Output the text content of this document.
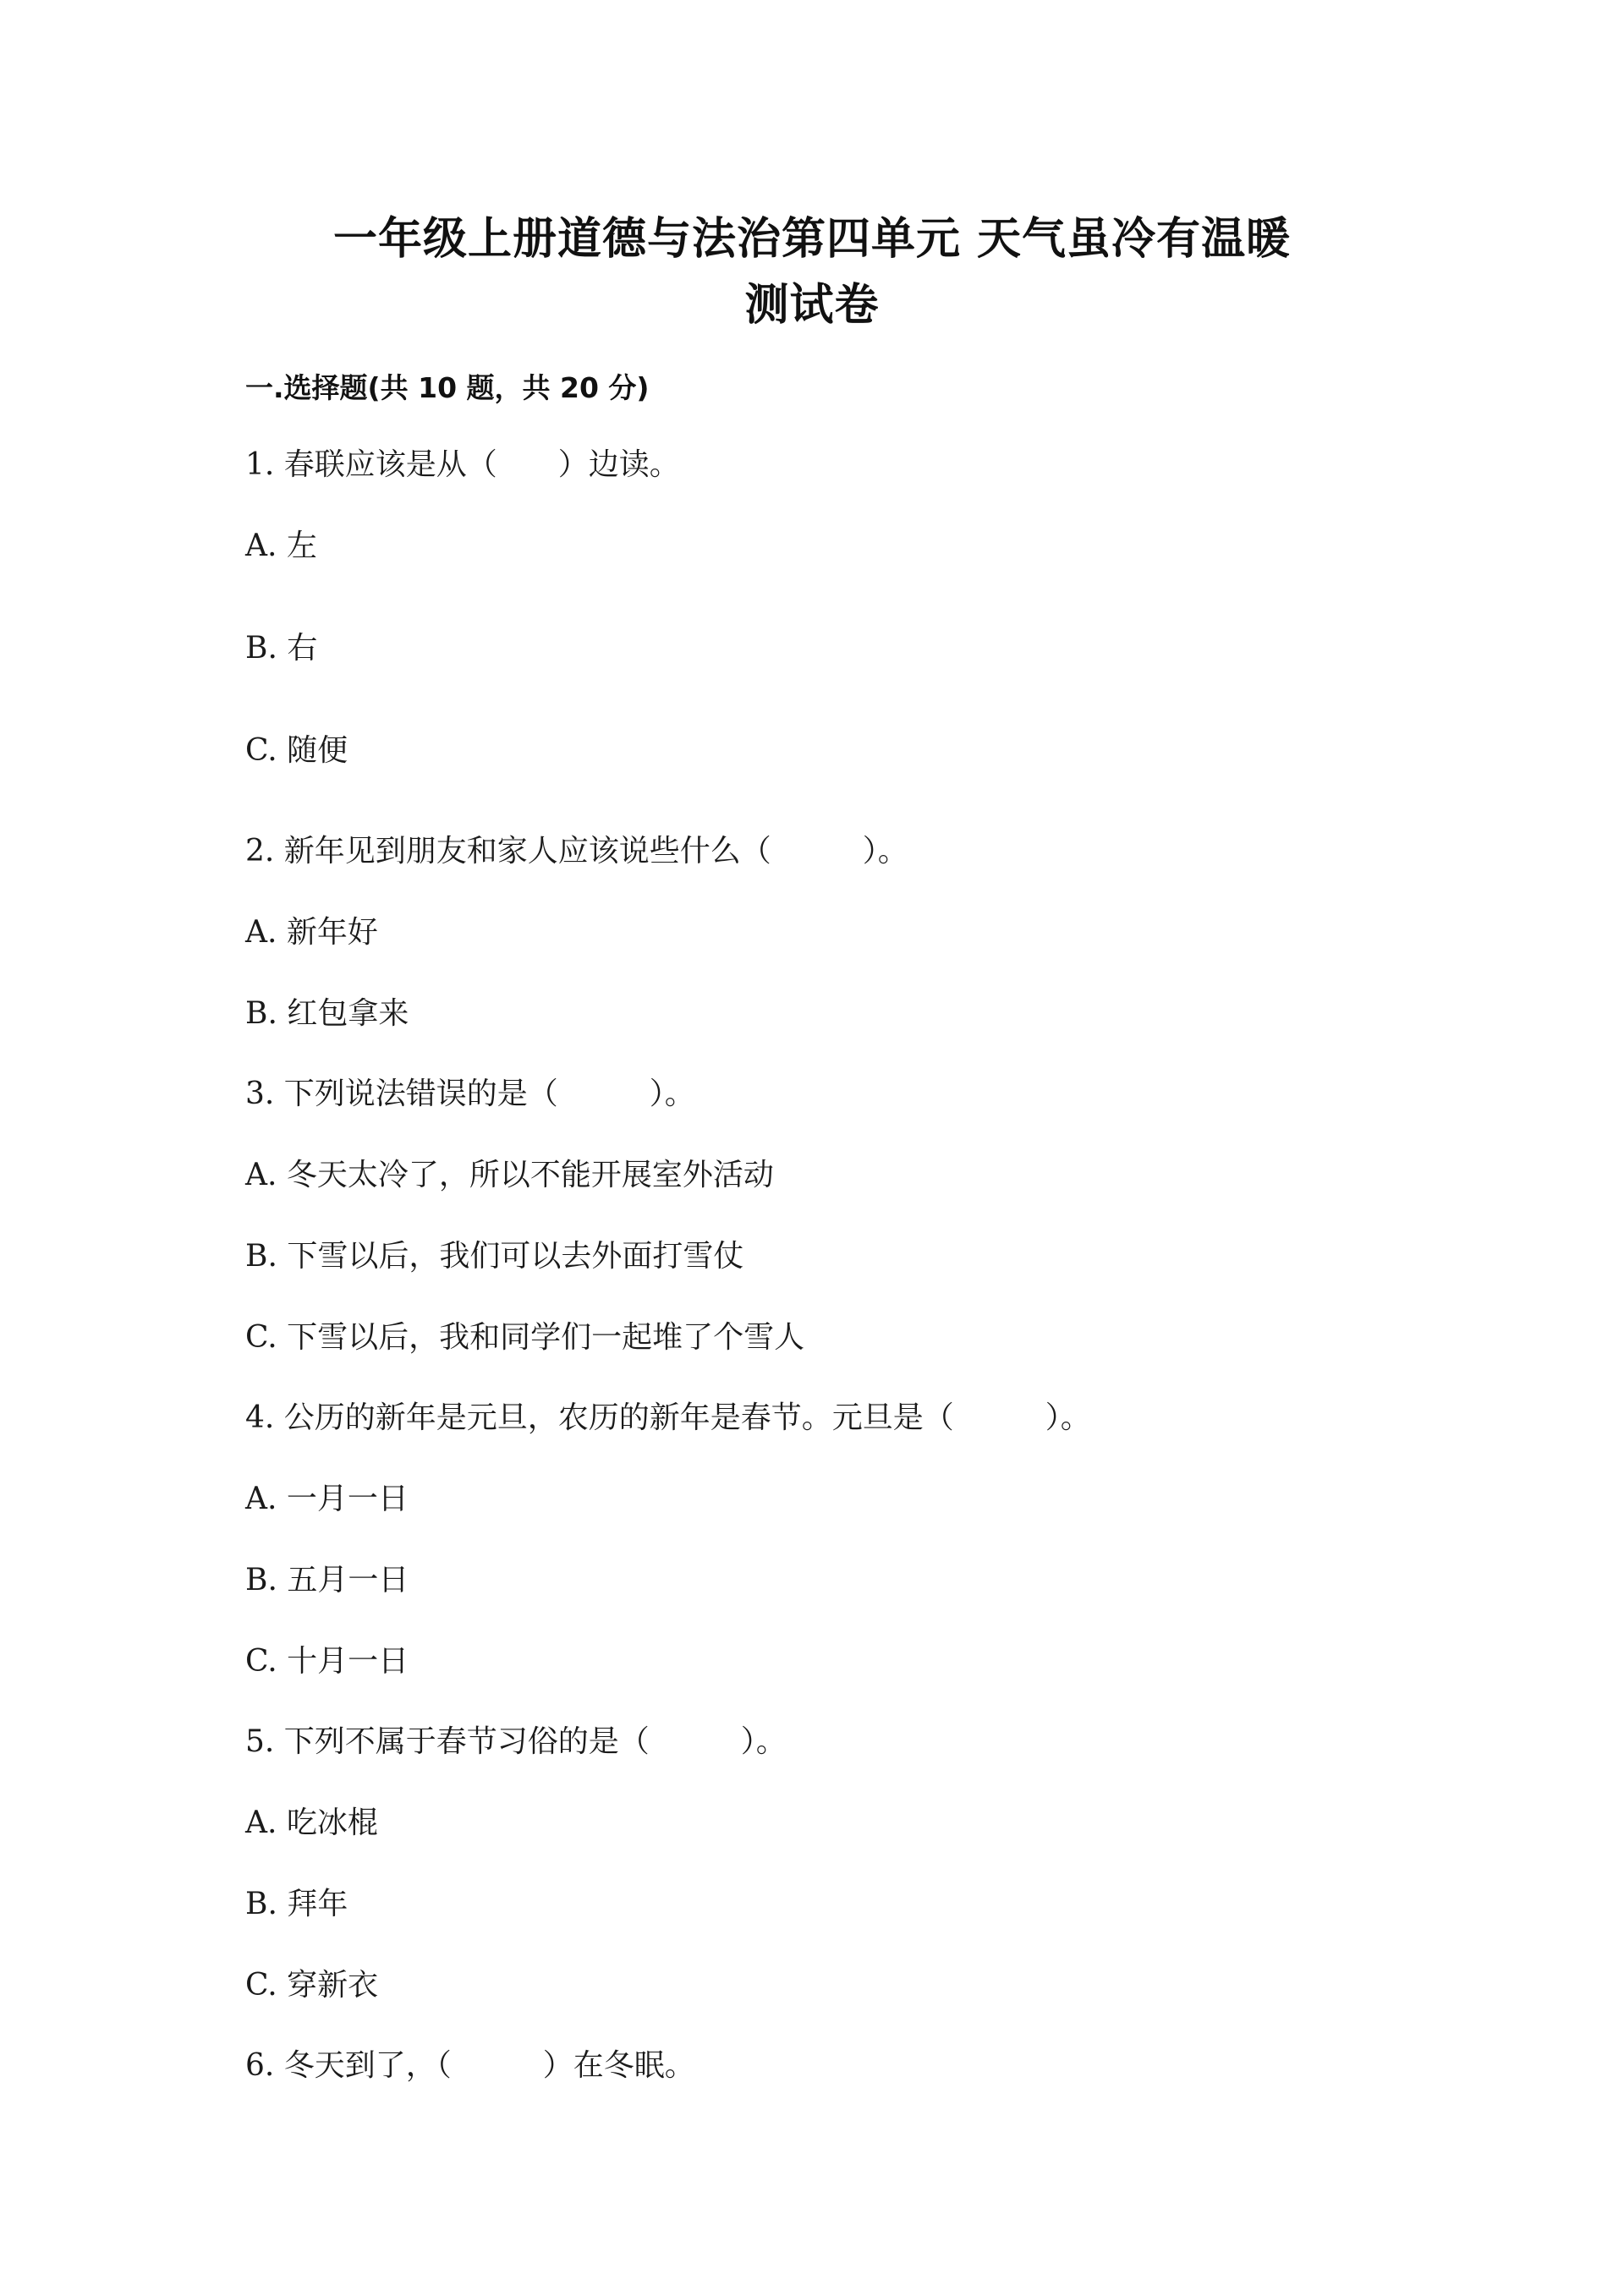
一年级上册道德与法治第四单元 天气虽冷有温暖
测试卷
一.选择题(共 10 题，共 20 分)

1. 春联应该是从（　　）边读。

A. 左

B. 右

C. 随便

2. 新年见到朋友和家人应该说些什么（　　　）。

A. 新年好

B. 红包拿来

3. 下列说法错误的是（　　　）。

A. 冬天太冷了，所以不能开展室外活动

B. 下雪以后，我们可以去外面打雪仗

C. 下雪以后，我和同学们一起堆了个雪人

4. 公历的新年是元旦，农历的新年是春节。元旦是（　　　）。

A. 一月一日

B. 五月一日

C. 十月一日

5. 下列不属于春节习俗的是（　　　）。

A. 吃冰棍

B. 拜年

C. 穿新衣

6. 冬天到了，（　　　）在冬眠。
